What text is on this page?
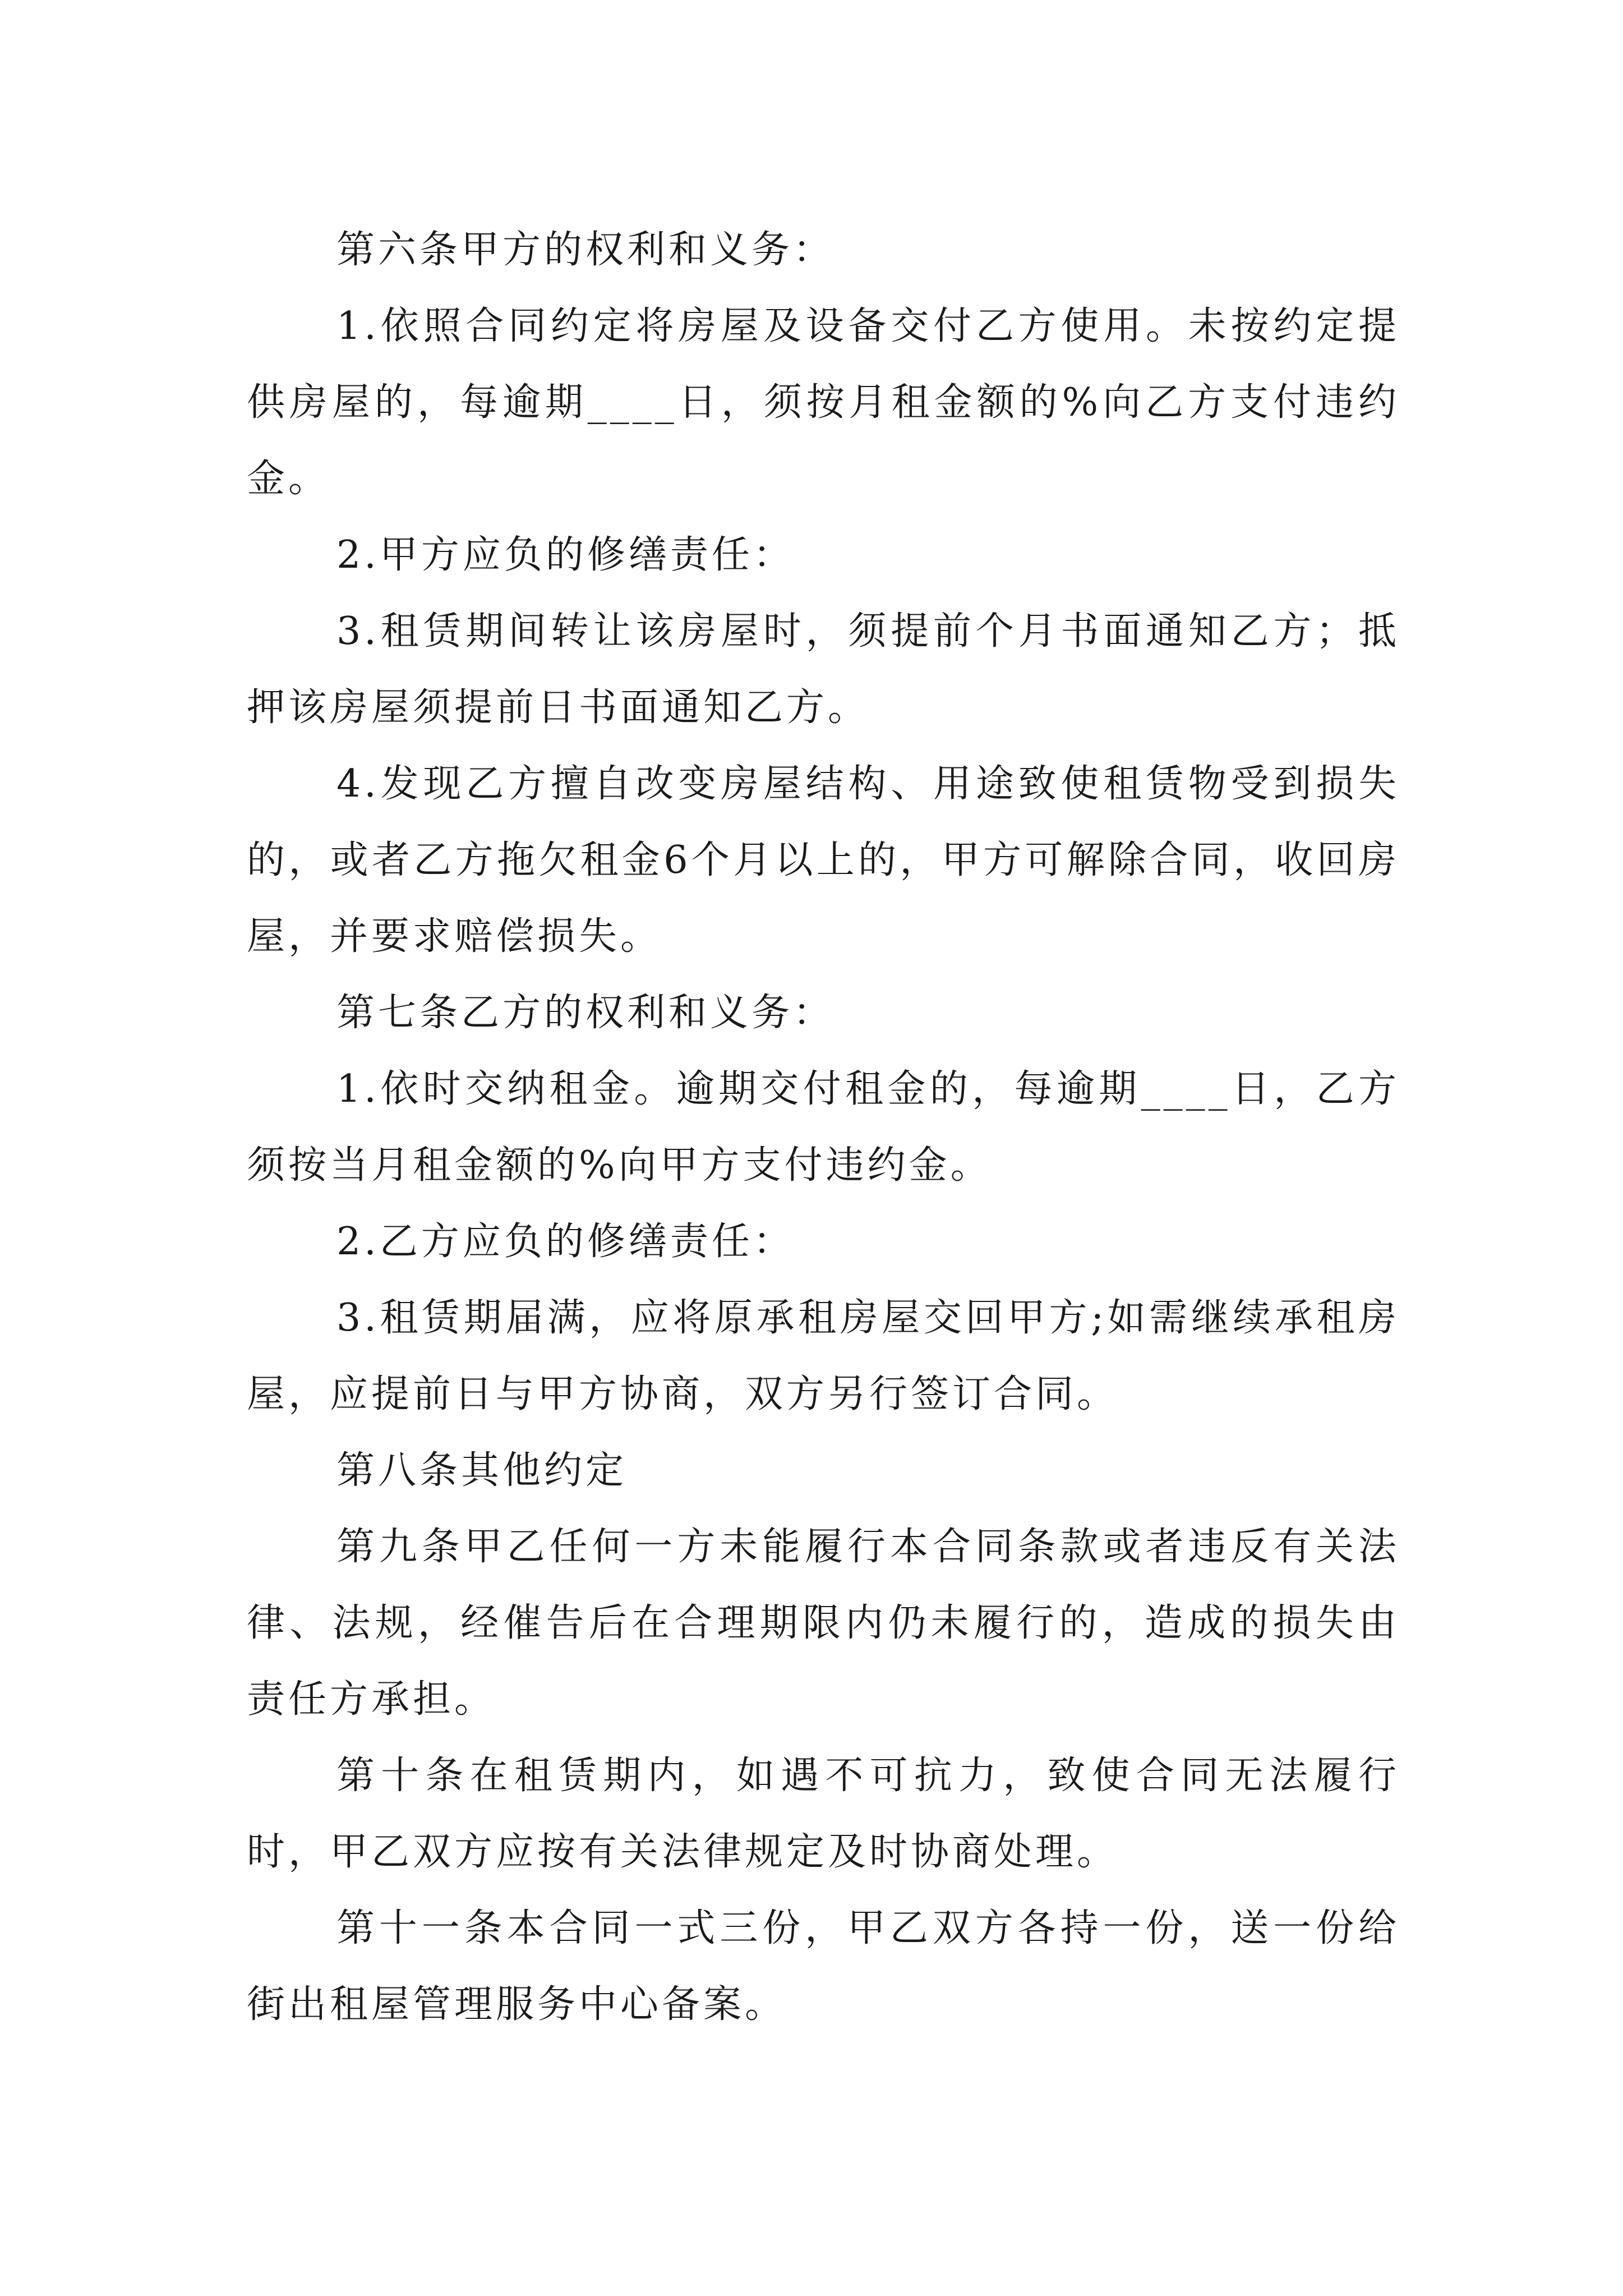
第六条甲方的权利和义务：

1.依照合同约定将房屋及设备交付乙方使用。未按约定提供房屋的，每逾期____日，须按月租金额的%向乙方支付违约金。

2.甲方应负的修缮责任：

3.租赁期间转让该房屋时，须提前个月书面通知乙方；抵押该房屋须提前日书面通知乙方。

4.发现乙方擅自改变房屋结构、用途致使租赁物受到损失的，或者乙方拖欠租金6个月以上的，甲方可解除合同，收回房屋，并要求赔偿损失。

第七条乙方的权利和义务：

1.依时交纳租金。逾期交付租金的，每逾期____日，乙方须按当月租金额的%向甲方支付违约金。

2.乙方应负的修缮责任：

3.租赁期届满，应将原承租房屋交回甲方;如需继续承租房屋，应提前日与甲方协商，双方另行签订合同。

第八条其他约定

第九条甲乙任何一方未能履行本合同条款或者违反有关法律、法规，经催告后在合理期限内仍未履行的，造成的损失由责任方承担。

第十条在租赁期内，如遇不可抗力，致使合同无法履行时，甲乙双方应按有关法律规定及时协商处理。

第十一条本合同一式三份，甲乙双方各持一份，送一份给街出租屋管理服务中心备案。
